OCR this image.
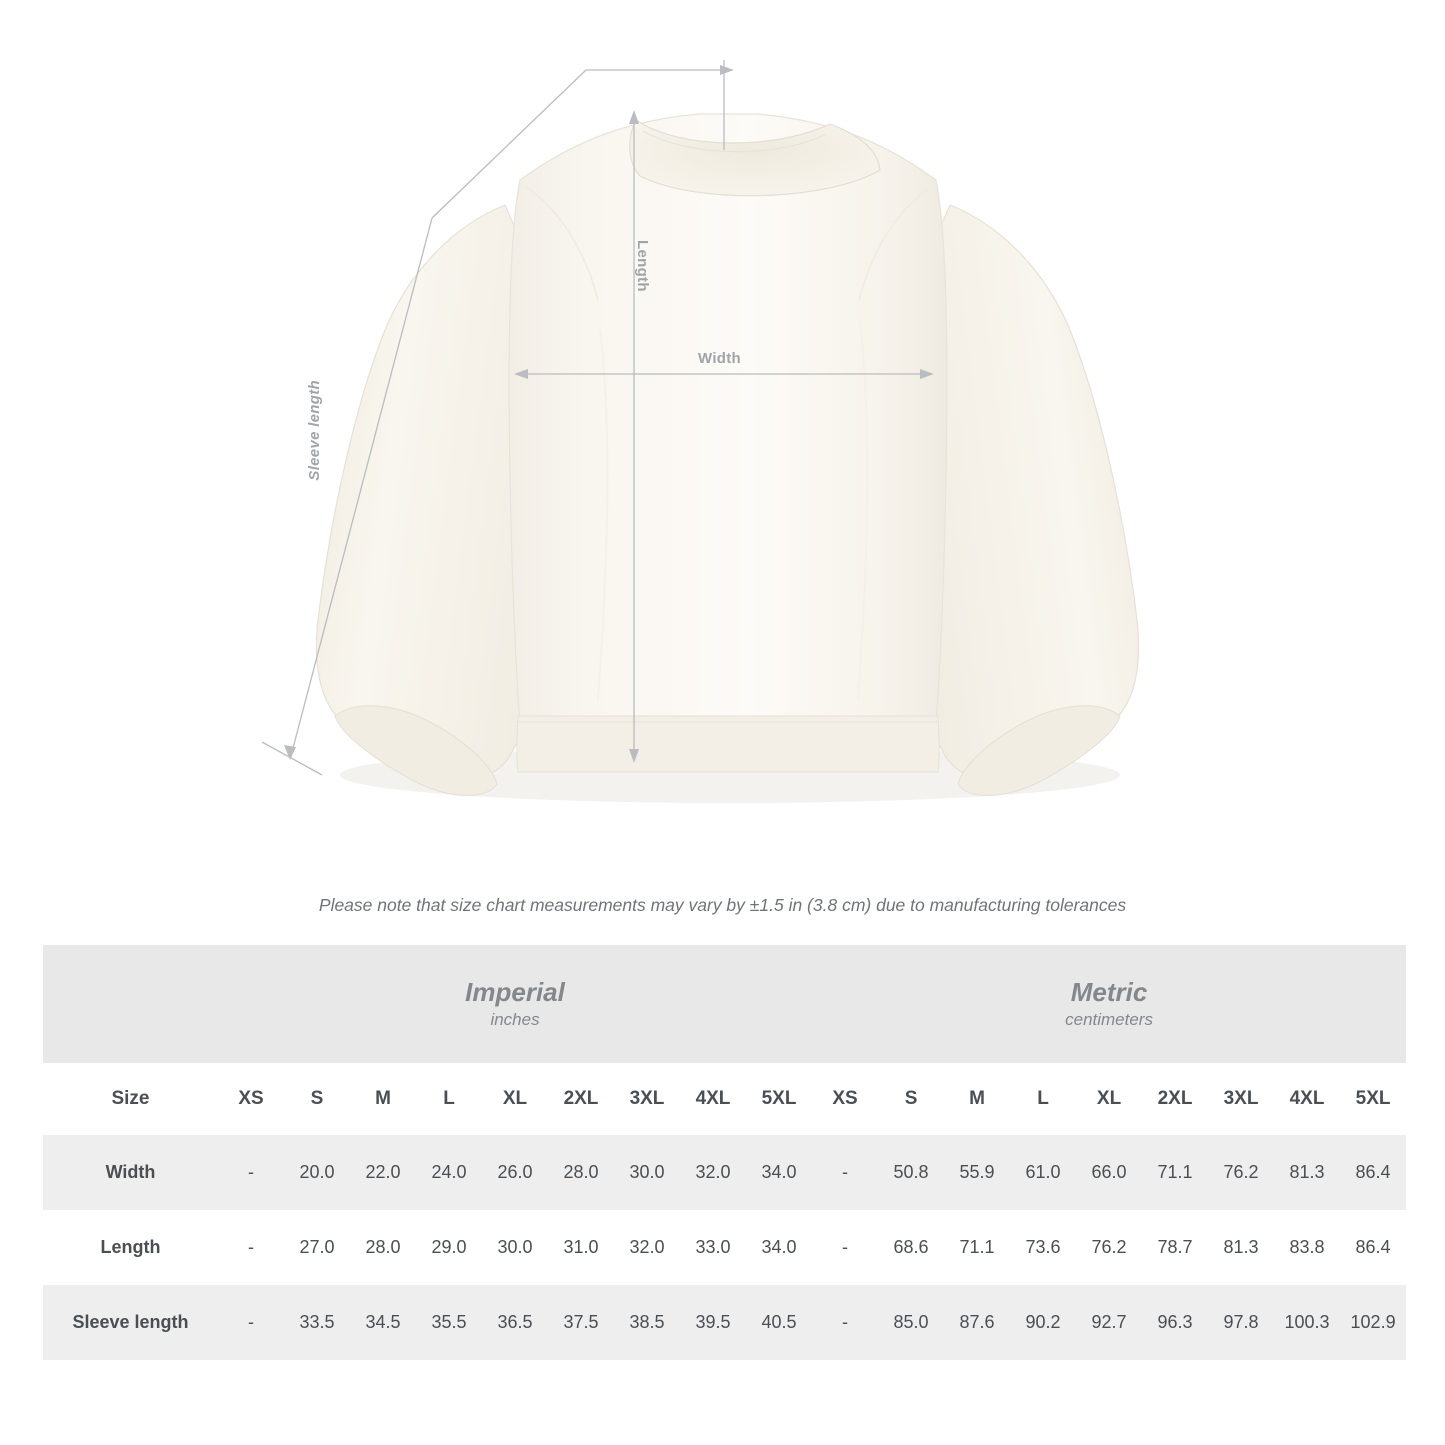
Length
Width
Sleeve length
Please note that size chart measurements may vary by ±1.5 in (3.8 cm) due to manufacturing tolerances

Imperial
inches

Metric
centimeters

Size	XS	S	M	L	XL	2XL	3XL	4XL	5XL	XS	S	M	L	XL	2XL	3XL	4XL	5XL
Width	-	20.0	22.0	24.0	26.0	28.0	30.0	32.0	34.0	-	50.8	55.9	61.0	66.0	71.1	76.2	81.3	86.4
Length	-	27.0	28.0	29.0	30.0	31.0	32.0	33.0	34.0	-	68.6	71.1	73.6	76.2	78.7	81.3	83.8	86.4
Sleeve length	-	33.5	34.5	35.5	36.5	37.5	38.5	39.5	40.5	-	85.0	87.6	90.2	92.7	96.3	97.8	100.3	102.9
